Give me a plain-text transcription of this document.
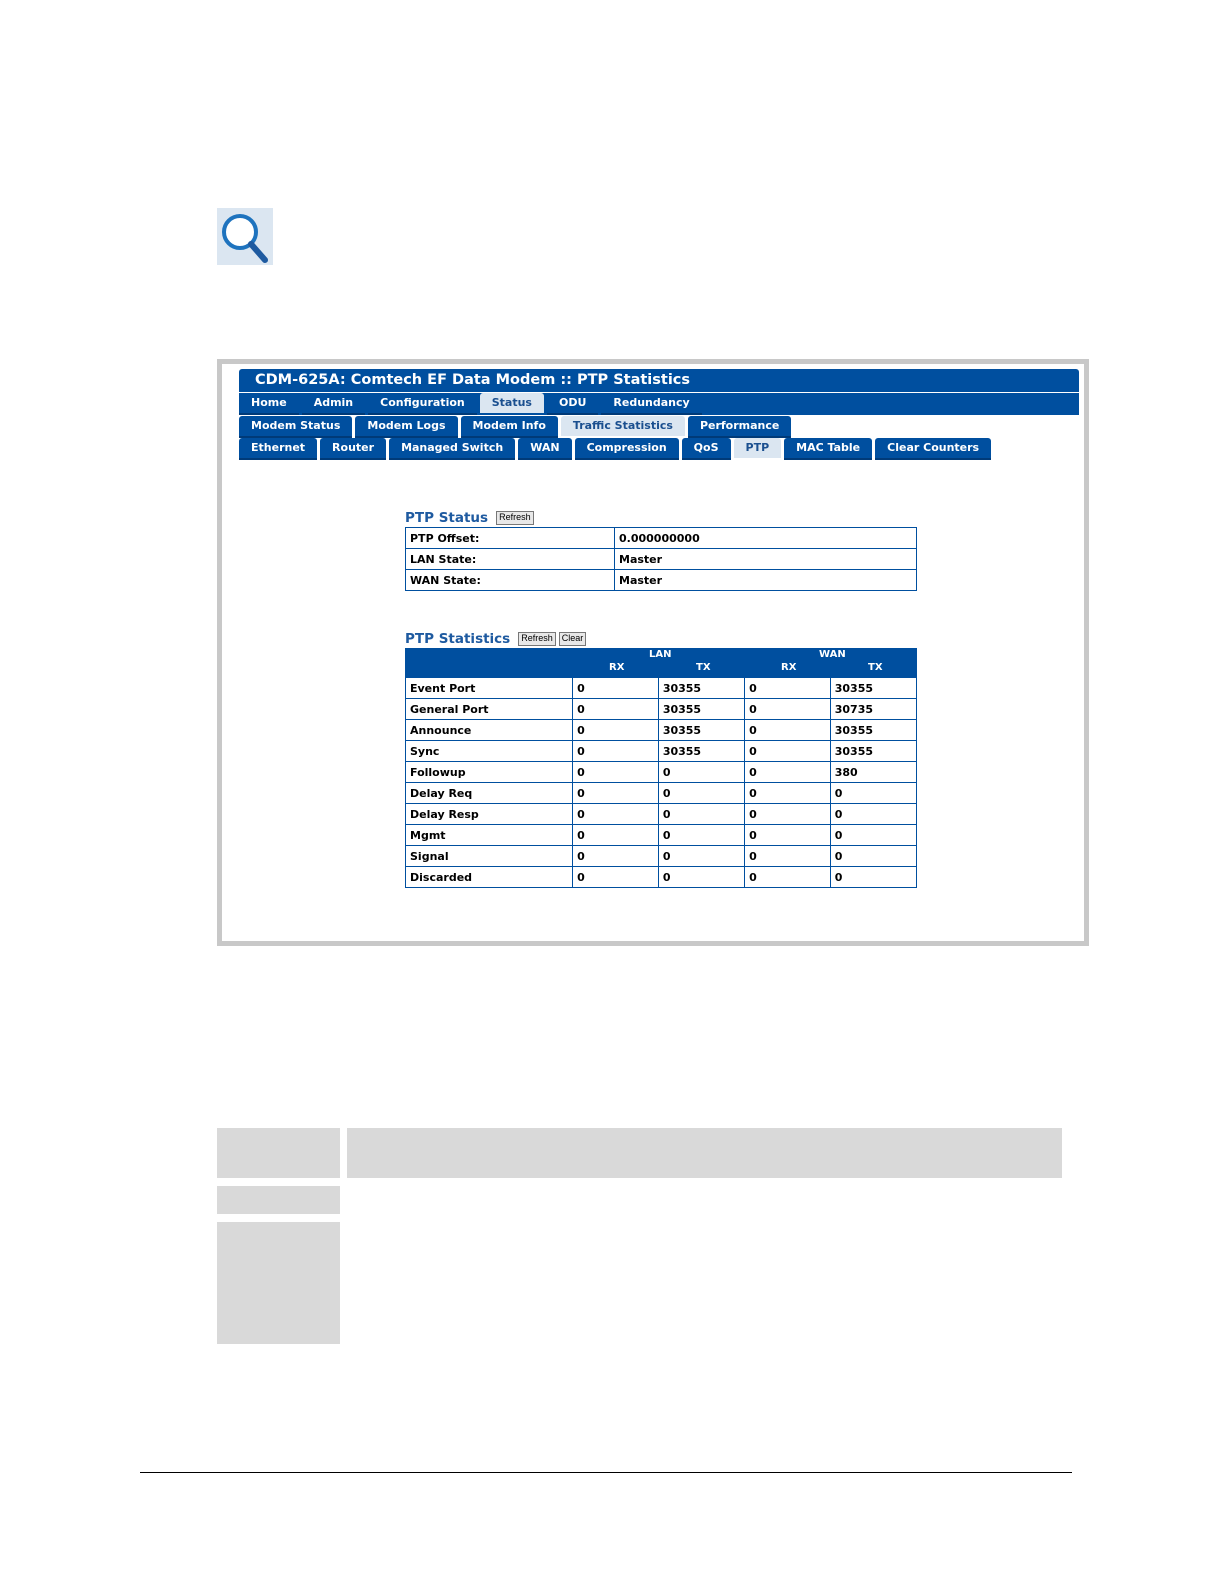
CDM-625A: Comtech EF Data Modem :: PTP Statistics
Home	Admin	Configuration	Status	ODU	Redundancy
Modem Status	Modem Logs	Modem Info	Traffic Statistics	Performance
Ethernet	Router	Managed Switch	WAN	Compression	QoS	PTP	MAC Table	Clear Counters
PTP Status	Refresh
PTP Offset:	0.000000000
LAN State:	Master
WAN State:	Master
PTP Statistics	Refresh	Clear
LAN	WAN
RX	TX	RX	TX
Event Port	0	30355	0	30355
General Port	0	30355	0	30735
Announce	0	30355	0	30355
Sync	0	30355	0	30355
Followup	0	0	0	380
Delay Req	0	0	0	0
Delay Resp	0	0	0	0
Mgmt	0	0	0	0
Signal	0	0	0	0
Discarded	0	0	0	0
